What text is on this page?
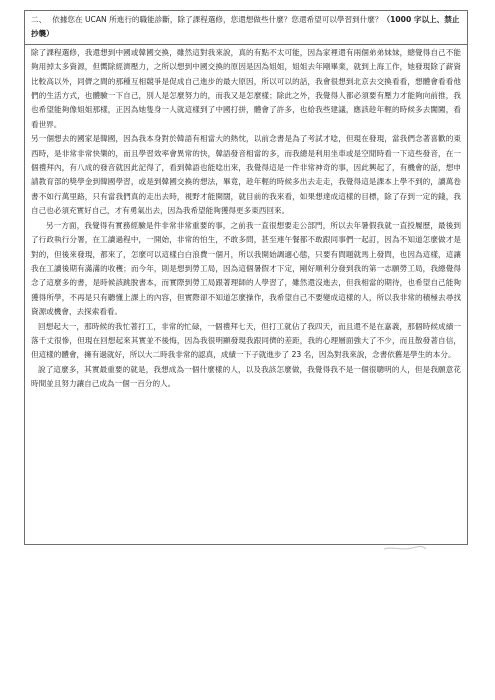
二、 依據您在 UCAN 所進行的職能診斷，除了課程選修，您還想做些什麼？您還希望可以學習到什麼？（1000 字以上、禁止抄襲）

除了課程選修，我還想到中國或韓國交換，雖然這對我來說，真的有點不太可能，因為家裡還有兩個弟弟妹妹，總覺得自己不能夠用掉太多資源，但嚮除經濟壓力，之所以想到中國交換的原因是因為姐姐，姐姐去年剛畢業，就到上海工作，她發現除了薪資比較高以外，同儕之間的那種互相競爭是促成自己進步的最大原因，所以可以的話，我會很想到北京去交換看看，想體會看看他們的生活方式，也體驗一下自己，別人是怎麼努力的，而我又是怎麼樣；除此之外，我覺得人都必須要有壓力才能夠向前推，我也希望能夠像姐姐那樣，正因為她隻身一人就這樣到了中國打拼，體會了許多，也給我些建議，應該趁年輕的時候多去闖闖，看看世界。

另一個想去的國家是韓國，因為我本身對於韓語有相當大的熱忱，以前念書是為了考試才唸，但現在發現，當我們念著喜歡的東西時，是非常非常快樂的，而且學習效率會異常的快，韓語發音相當的多，而我總是利用坐車或是空閒時看一下這些發音，在一個禮拜內，有八成的發音就因此記得了，看到韓語也能唸出來，我覺得這是一件非常神奇的事，因此興起了，有機會的話，想申請教育部的獎學金到韓國學習，或是到韓國交換的想法，畢竟，趁年輕的時候多出去走走，我覺得這是課本上學不到的，讀萬卷書不如行萬里路，只有當我們真的走出去時，視野才能開闊，就目前的我來看，如果想達成這樣的目標，除了存到一定的錢，我自己也必須充實好自己，才有勇氣出去，因為我希望能夠獲得更多東西回來。

另一方面，我覺得有實務經驗是件非常非常重要的事，之前我一直很想要走公部門，所以去年暑假我就一直投履歷，最後到了行政執行分署，在工讀過程中，一開始，非常的怕生，不敢多問，甚至連午餐都不敢跟同事們一起訂，因為不知道怎麼做才是對的，但後來發現，都來了，怎麼可以這樣白白浪費一個月，所以我開始調適心態，只要有問題就馬上發問，也因為這樣，這讓我在工讀後期有滿滿的收穫；而今年，則是想到勞工局，因為這個暑假才下定，剛好順利分發到我的第一志願勞工局，我總覺得念了這麼多的書，是時候該跳脫書本，而實際到勞工局跟著理師的人學習了，雖然還沒進去，但我相當的期待，也希望自己能夠獲得所學，不再是只有聽懂上課上的內容，但實際卻不知道怎麼操作，我希望自己不要變成這樣的人，所以我非常的積極去尋找資源或機會，去探索看看。

回想起大一，那時候的我忙著打工，非常的忙碌，一個禮拜七天，但打工就佔了我四天，而且還不是在嘉義，那個時候成績一落千丈很慘，但現在回想起來其實並不後悔，因為我很明顯發現我跟同儕的差距，我的心理層面強大了不少，而且散發著自信，但這樣的體會，擁有過就好，所以大二時我非常的認真，成績一下子就進步了 23 名，因為對我來說，念書依舊是學生的本分。

說了這麼多，其實最重要的就是，我想成為一個什麼樣的人，以及我該怎麼做，我覺得我不是一個很聰明的人，但是我願意花時間並且努力讓自己成為一個一百分的人。
